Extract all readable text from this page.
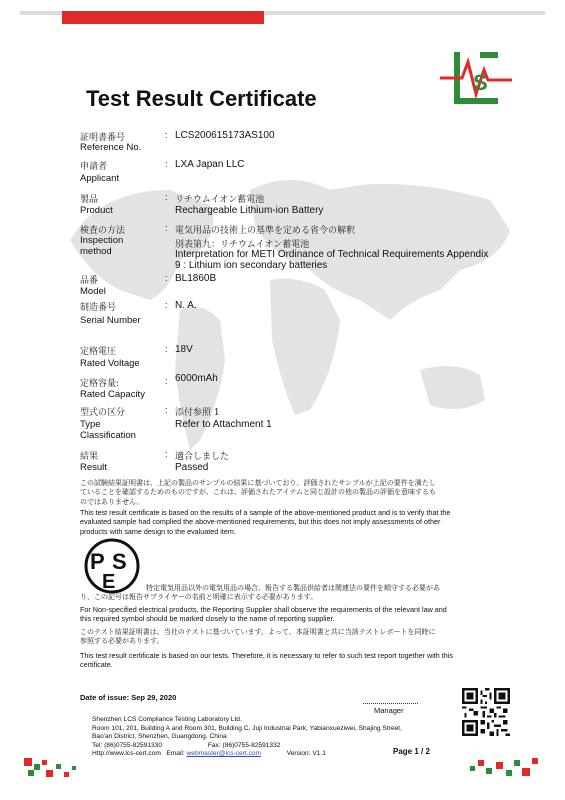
S
Test Result Certificate
証明書番号
Reference No.
: LCS200615173AS100
申請者
Applicant
: LXA Japan LLC
製品
Product
: リチウムイオン蓄電池
Rechargeable Lithium-ion Battery
検査の方法
Inspection
method
: 電気用品の技術上の基準を定める省令の解釈
別表第九：リチウムイオン蓄電池
Interpretation for METI Ordinance of Technical Requirements Appendix
9 : Lithium ion secondary batteries
品番
Model
: BL1860B
制造番号
Serial Number
: N. A.
定格電圧
Rated Voltage
: 18V
定格容量:
Rated Capacity
: 6000mAh
型式の区分
Type
Classification
: 添付参照 1
Refer to Attachment 1
結果
Result
: 適合しました
Passed
この試験結果証明書は、上記の製品のサンプルの結果に基づいており、評価されたサンプルが上記の要件を満たし
ていることを確認するためのものですが、これは、評価されたアイテムと同じ設計の他の製品の評価を意味するも
のではありません。
This test result certificate is based on the results of a sample of the above-mentioned product and is to verify that the
evaluated sample had complied the above-mentioned requirements, but this does not imply assessments of other
products with same design to the evaluated item.
P S
E	特定電気用品以外の電気用品の場合、報告する製品供給者は関連法の要件を順守する必要があ
り、この記号は報告サプライヤーの名前と明確に表示する必要があります。
For Non-specified electrical products, the Reporting Supplier shall observe the requirements of the relevant law and
this required symbol should be marked closely to the name of reporting supplier.
このテスト結果証明書は、当社のテストに基づいています。よって、本証明書と共に当該テストレポートを同時に
参照する必要があります。
This test result certificate is based on our tests. Therefore, it is necessary to refer to such test report together with this
certificate.
Date of issue: Sep 29, 2020
Manager
Shenzhen LCS Compliance Testing Laboratory Ltd.
Room 101, 201, Building A and Room 301, Building C, Juji Industrial Park, Yabianxueziwei, Shajing Street,
Bao'an District, Shenzhen, Guangdong, China
Tel: (86)0755-82591330	Fax: (86)0755-82591332
Http://www.lcs-cert.com Email: webmaster@lcs-cert.com	Version: V1.1	Page 1 / 2
